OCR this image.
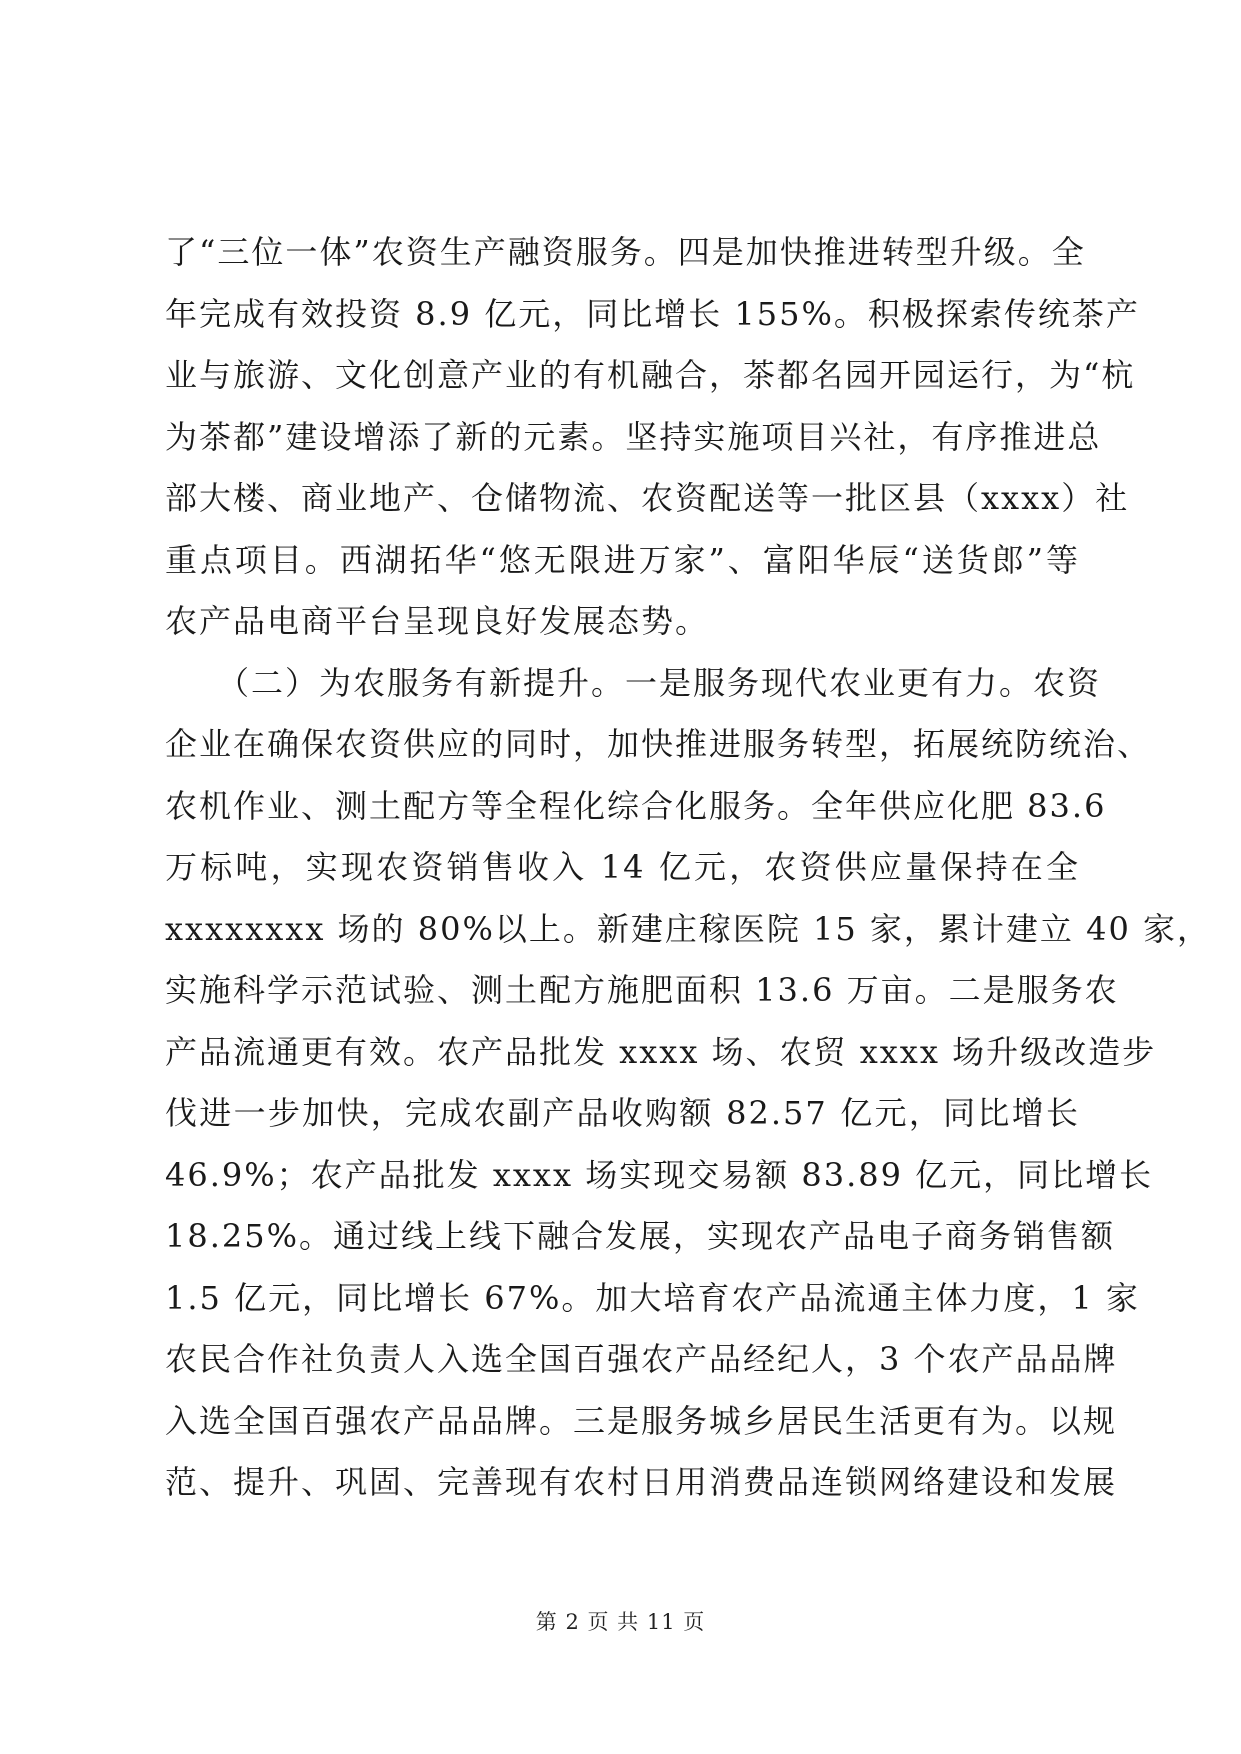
了“三位一体”农资生产融资服务。四是加快推进转型升级。全
年完成有效投资 8.9 亿元，同比增长 155%。积极探索传统茶产
业与旅游、文化创意产业的有机融合，茶都名园开园运行，为“杭
为茶都”建设增添了新的元素。坚持实施项目兴社，有序推进总
部大楼、商业地产、仓储物流、农资配送等一批区县（xxxx）社
重点项目。西湖拓华“悠无限进万家”、富阳华辰“送货郎”等
农产品电商平台呈现良好发展态势。
　　（二）为农服务有新提升。一是服务现代农业更有力。农资
企业在确保农资供应的同时，加快推进服务转型，拓展统防统治、
农机作业、测土配方等全程化综合化服务。全年供应化肥 83.6
万标吨，实现农资销售收入 14 亿元，农资供应量保持在全
xxxxxxxx 场的 80%以上。新建庄稼医院 15 家，累计建立 40 家，
实施科学示范试验、测土配方施肥面积 13.6 万亩。二是服务农
产品流通更有效。农产品批发 xxxx 场、农贸 xxxx 场升级改造步
伐进一步加快，完成农副产品收购额 82.57 亿元，同比增长
46.9%；农产品批发 xxxx 场实现交易额 83.89 亿元，同比增长
18.25%。通过线上线下融合发展，实现农产品电子商务销售额
1.5 亿元，同比增长 67%。加大培育农产品流通主体力度，1 家
农民合作社负责人入选全国百强农产品经纪人，3 个农产品品牌
入选全国百强农产品品牌。三是服务城乡居民生活更有为。以规
范、提升、巩固、完善现有农村日用消费品连锁网络建设和发展
第 2 页 共 11 页
